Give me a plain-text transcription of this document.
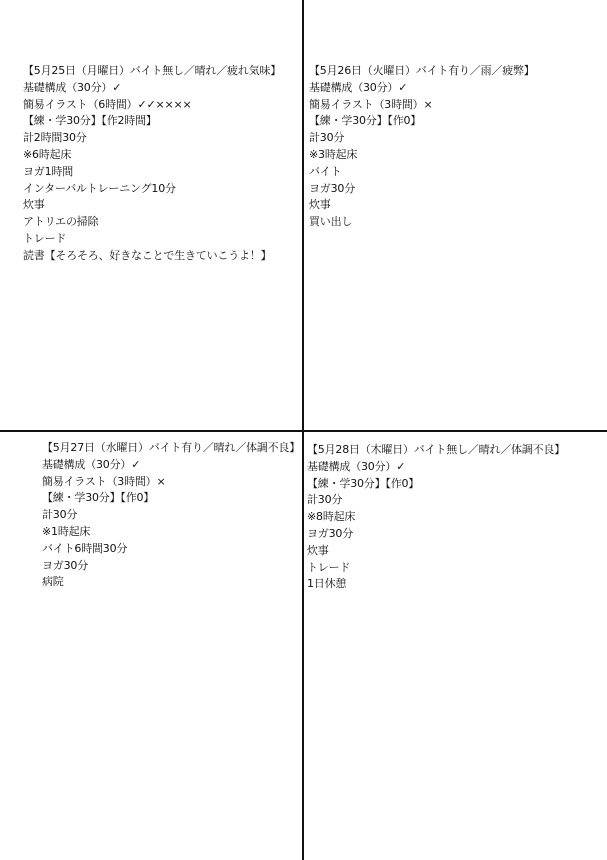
【5月25日（月曜日）バイト無し／晴れ／疲れ気味】
基礎構成（30分）✓
簡易イラスト（6時間）✓✓××××
【練・学30分】【作2時間】
計2時間30分
※6時起床
ヨガ1時間
インターバルトレーニング10分
炊事
アトリエの掃除
トレード
読書【そろそろ、好きなことで生きていこうよ！】
【5月26日（火曜日）バイト有り／雨／疲弊】
基礎構成（30分）✓
簡易イラスト（3時間）×
【練・学30分】【作0】
計30分
※3時起床
バイト
ヨガ30分
炊事
買い出し
【5月27日（水曜日）バイト有り／晴れ／体調不良】
基礎構成（30分）✓
簡易イラスト（3時間）×
【練・学30分】【作0】
計30分
※1時起床
バイト6時間30分
ヨガ30分
病院
【5月28日（木曜日）バイト無し／晴れ／体調不良】
基礎構成（30分）✓
【練・学30分】【作0】
計30分
※8時起床
ヨガ30分
炊事
トレード
1日休憩
